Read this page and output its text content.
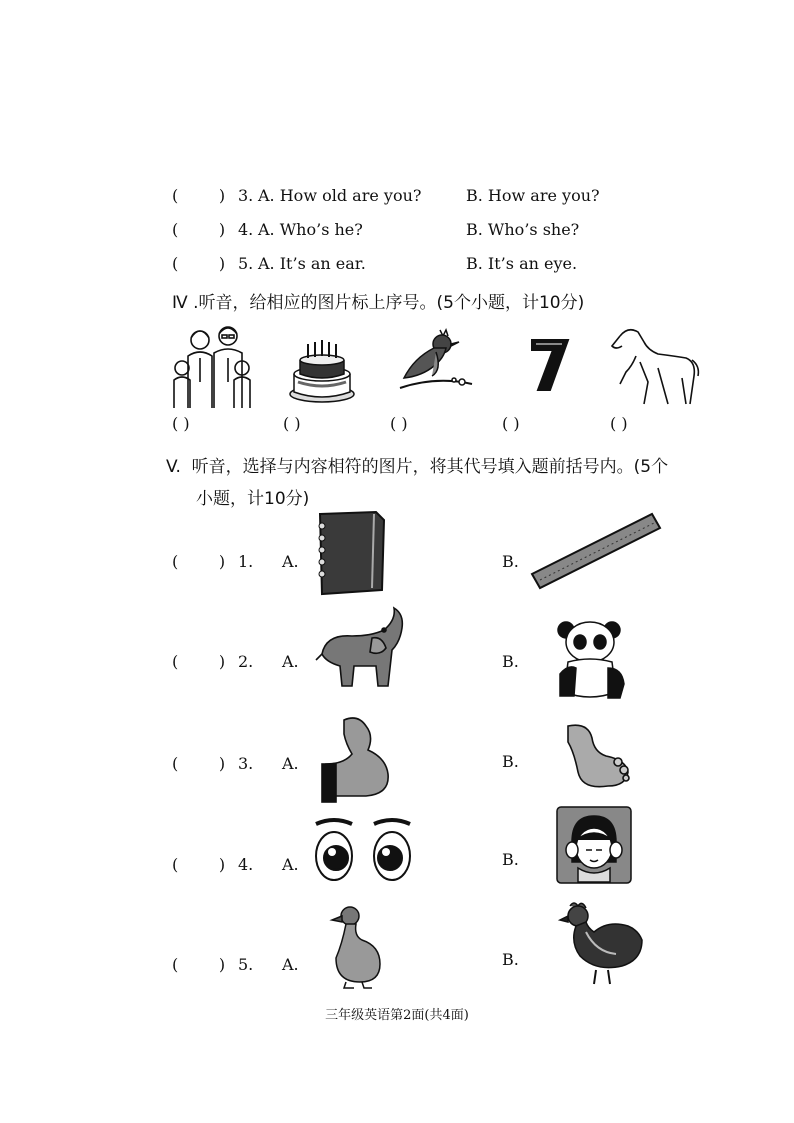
(        ) 3. A. How old are you?	B. How are you?
(        ) 4. A. Who’s he?	B. Who’s she?
(        ) 5. A. It’s an ear.	B. It’s an eye.
Ⅳ .听音，给相应的图片标上序号。(5个小题，计10分)
( )	( )	( )	( )	( )
V.  听音，选择与内容相符的图片，将其代号填入题前括号内。(5个
小题，计10分)
(        ) 1. A.	B.
(        ) 2. A.	B.
(        ) 3. A.	B.
(        ) 4. A.	B.
(        ) 5. A.	B.
三年级英语第2面(共4面)
